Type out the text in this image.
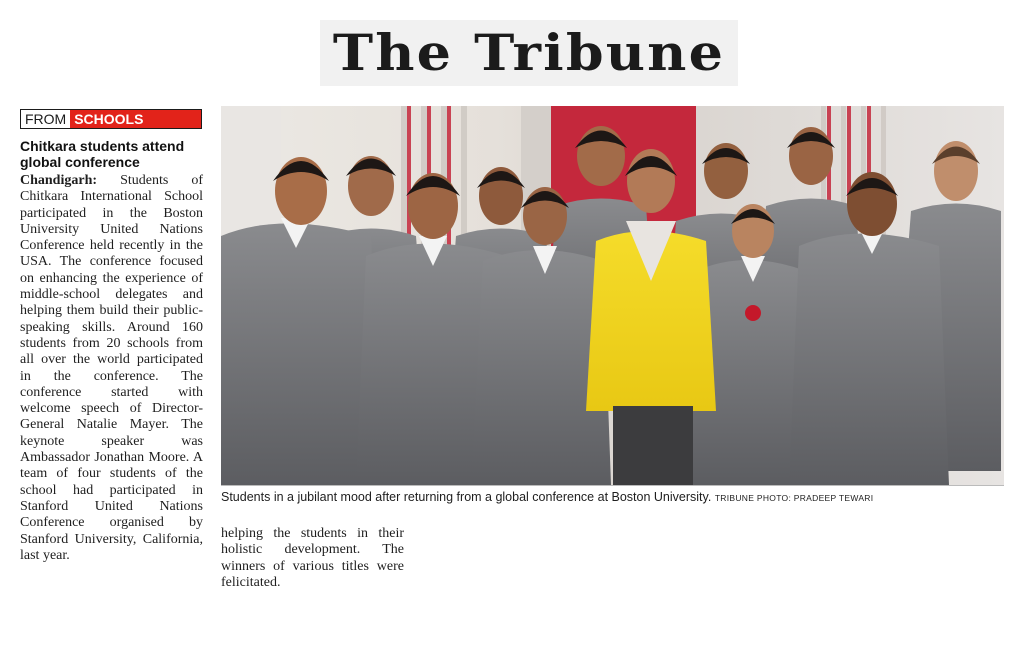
The Tribune
FROM SCHOOLS
Chitkara students attend global conference
Chandigarh: Students of Chitkara International School participated in the Boston University United Nations Conference held recently in the USA. The conference focused on enhancing the experience of middle-school delegates and helping them build their public-speaking skills. Around 160 students from 20 schools from all over the world participated in the conference. The conference started with welcome speech of Director-General Natalie Mayer. The keynote speaker was Ambassador Jonathan Moore. A team of four students of the school had participated in Stanford United Nations Conference organised by Stanford University, California, last year.
helping the students in their holistic development. The winners of various titles were felicitated.
Students in a jubilant mood after returning from a global conference at Boston University. TRIBUNE PHOTO: PRADEEP TEWARI
